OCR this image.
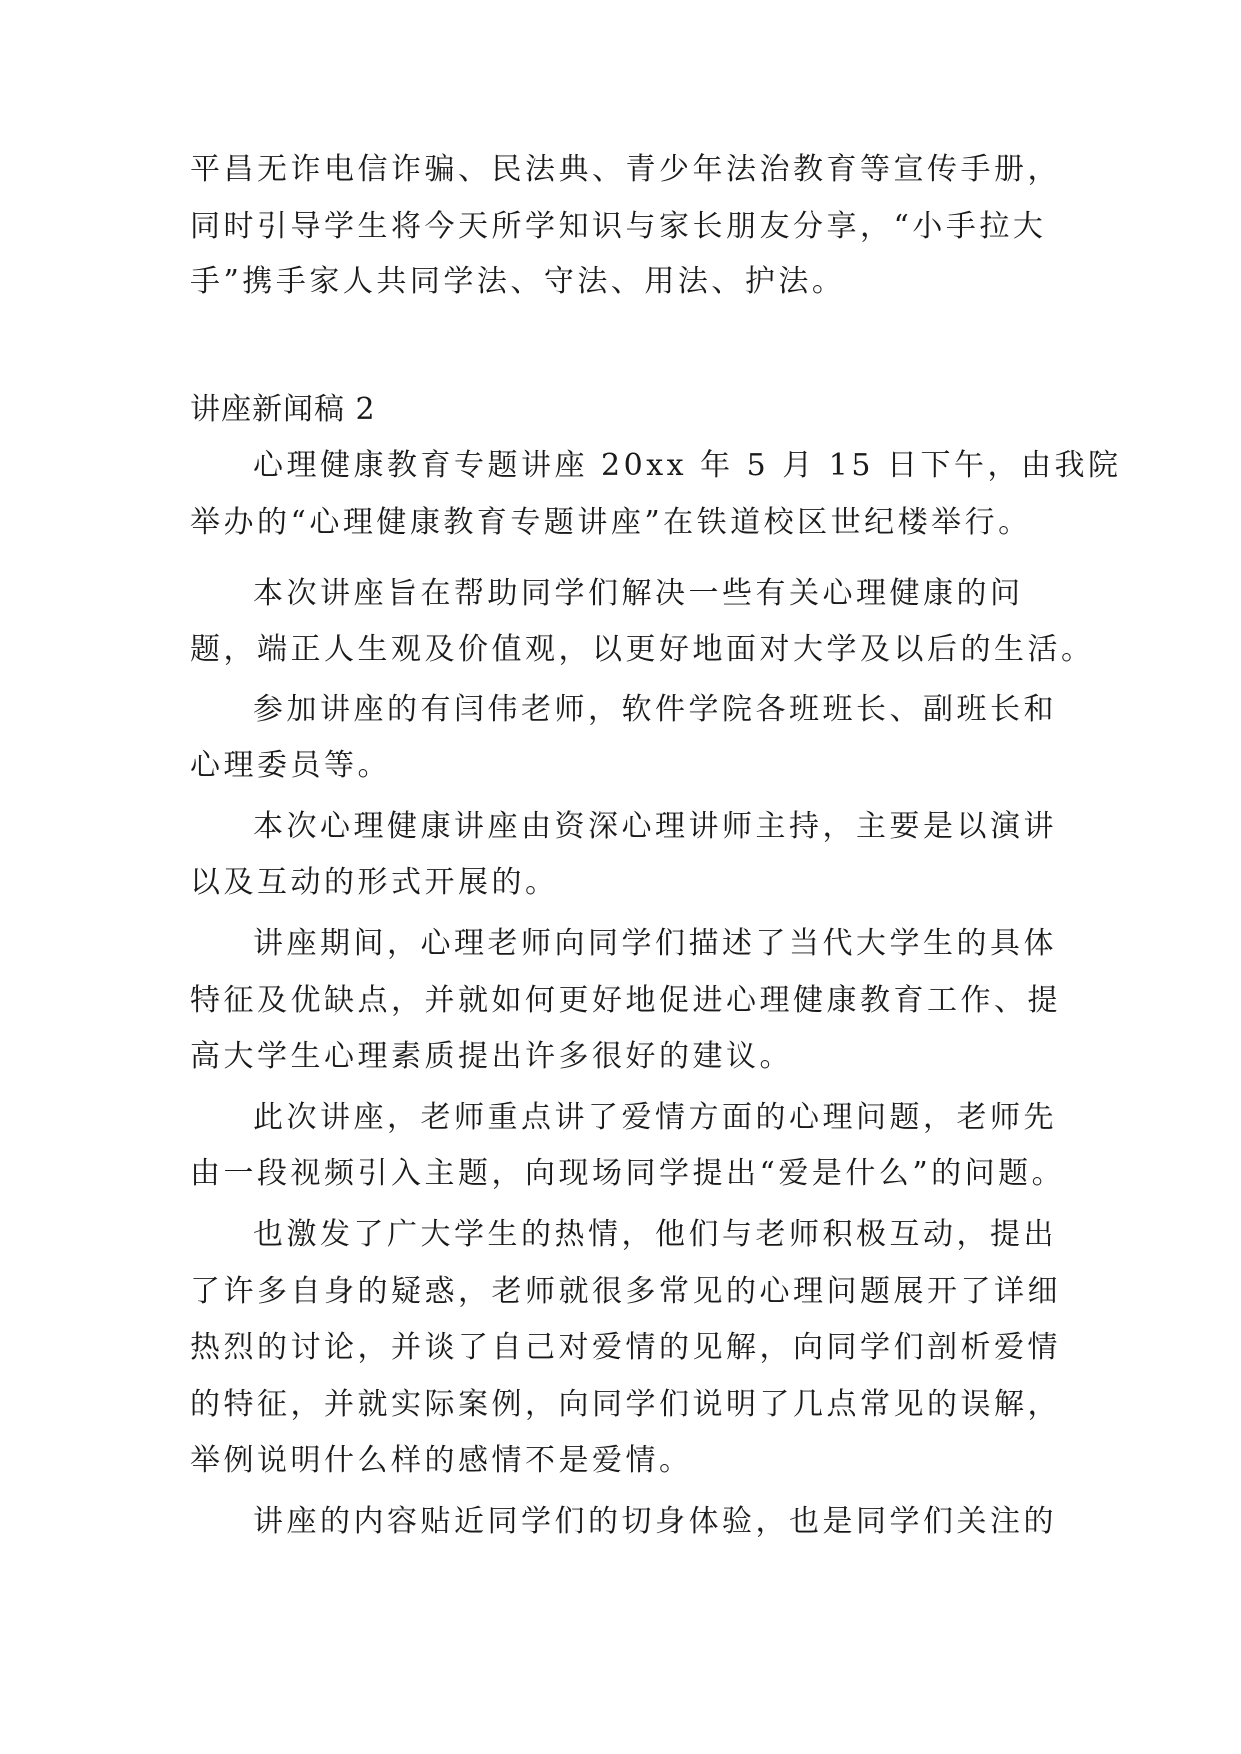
平昌无诈电信诈骗、民法典、青少年法治教育等宣传手册，

同时引导学生将今天所学知识与家长朋友分享，“小手拉大

手”携手家人共同学法、守法、用法、护法。

讲座新闻稿 2

心理健康教育专题讲座 20xx 年 5 月 15 日下午，由我院

举办的“心理健康教育专题讲座”在铁道校区世纪楼举行。

本次讲座旨在帮助同学们解决一些有关心理健康的问

题，端正人生观及价值观，以更好地面对大学及以后的生活。

参加讲座的有闫伟老师，软件学院各班班长、副班长和

心理委员等。

本次心理健康讲座由资深心理讲师主持，主要是以演讲

以及互动的形式开展的。

讲座期间，心理老师向同学们描述了当代大学生的具体

特征及优缺点，并就如何更好地促进心理健康教育工作、提

高大学生心理素质提出许多很好的建议。

此次讲座，老师重点讲了爱情方面的心理问题，老师先

由一段视频引入主题，向现场同学提出“爱是什么”的问题。

也激发了广大学生的热情，他们与老师积极互动，提出

了许多自身的疑惑，老师就很多常见的心理问题展开了详细

热烈的讨论，并谈了自己对爱情的见解，向同学们剖析爱情

的特征，并就实际案例，向同学们说明了几点常见的误解，

举例说明什么样的感情不是爱情。

讲座的内容贴近同学们的切身体验，也是同学们关注的
